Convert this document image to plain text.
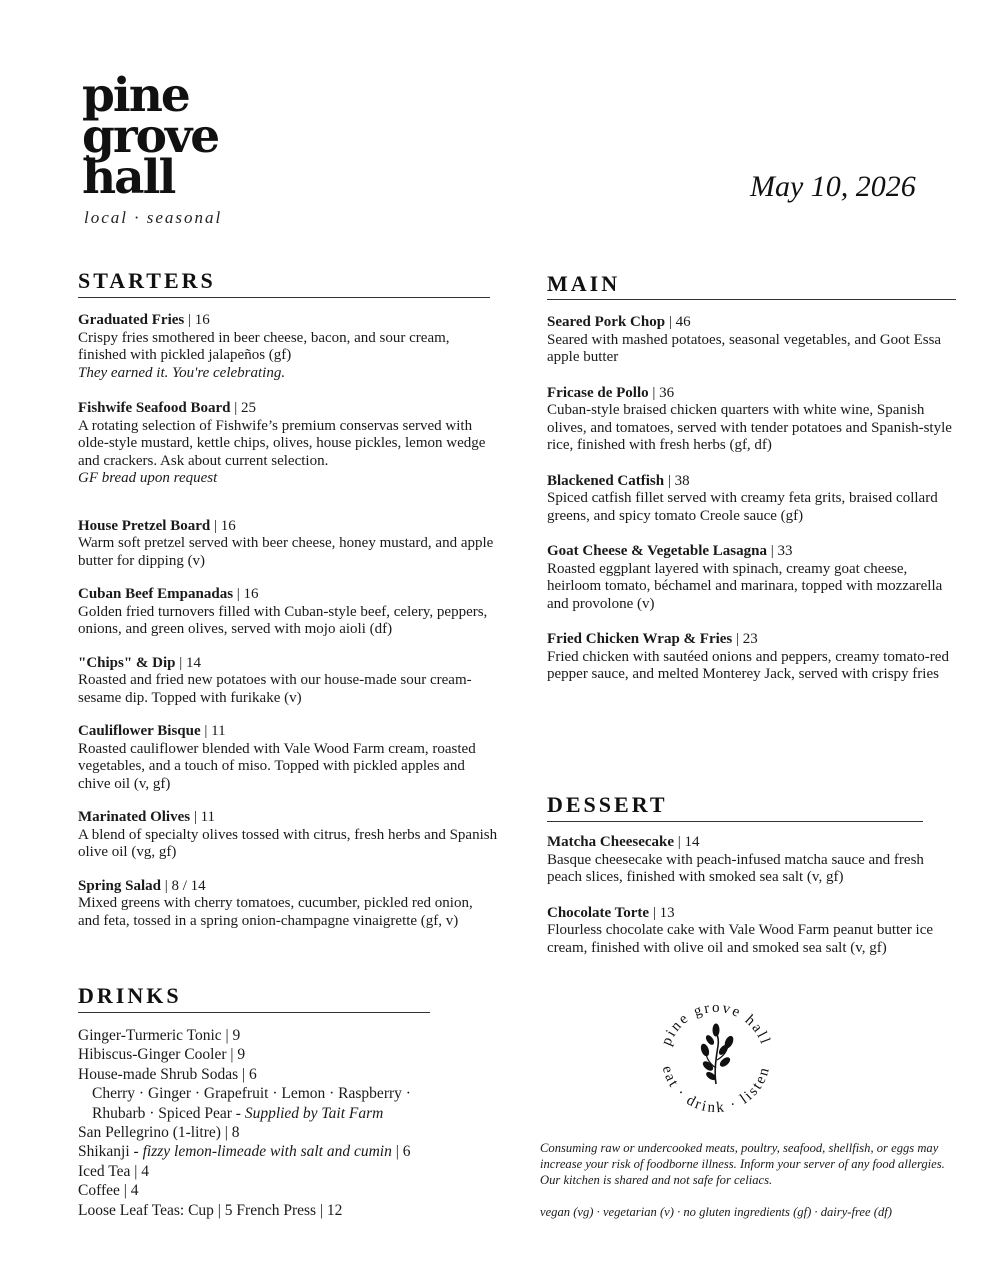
pine
grove
hall
local · seasonal
May 10, 2026
STARTERS
Graduated Fries | 16
Crispy fries smothered in beer cheese, bacon, and sour cream, finished with pickled jalapeños (gf)
They earned it. You're celebrating.
Fishwife Seafood Board | 25
A rotating selection of Fishwife’s premium conservas served with olde-style mustard, kettle chips, olives, house pickles, lemon wedge and crackers. Ask about current selection.
GF bread upon request
House Pretzel Board | 16
Warm soft pretzel served with beer cheese, honey mustard, and apple butter for dipping (v)
Cuban Beef Empanadas | 16
Golden fried turnovers filled with Cuban-style beef, celery, peppers, onions, and green olives, served with mojo aioli (df)
"Chips" & Dip | 14
Roasted and fried new potatoes with our house-made sour cream-sesame dip. Topped with furikake (v)
Cauliflower Bisque | 11
Roasted cauliflower blended with Vale Wood Farm cream, roasted vegetables, and a touch of miso. Topped with pickled apples and chive oil (v, gf)
Marinated Olives | 11
A blend of specialty olives tossed with citrus, fresh herbs and Spanish olive oil (vg, gf)
Spring Salad | 8 / 14
Mixed greens with cherry tomatoes, cucumber, pickled red onion, and feta, tossed in a spring onion-champagne vinaigrette (gf, v)
MAIN
Seared Pork Chop | 46
Seared with mashed potatoes, seasonal vegetables, and Goot Essa apple butter
Fricase de Pollo | 36
Cuban-style braised chicken quarters with white wine, Spanish olives, and tomatoes, served with tender potatoes and Spanish-style rice, finished with fresh herbs (gf, df)
Blackened Catfish | 38
Spiced catfish fillet served with creamy feta grits, braised collard greens, and spicy tomato Creole sauce (gf)
Goat Cheese & Vegetable Lasagna | 33
Roasted eggplant layered with spinach, creamy goat cheese, heirloom tomato, béchamel and marinara, topped with mozzarella and provolone (v)
Fried Chicken Wrap & Fries | 23
Fried chicken with sautéed onions and peppers, creamy tomato-red pepper sauce, and melted Monterey Jack, served with crispy fries
DESSERT
Matcha Cheesecake | 14
Basque cheesecake with peach-infused matcha sauce and fresh peach slices, finished with smoked sea salt (v, gf)
Chocolate Torte | 13
Flourless chocolate cake with Vale Wood Farm peanut butter ice cream, finished with olive oil and smoked sea salt (v, gf)
DRINKS
Ginger-Turmeric Tonic | 9
Hibiscus-Ginger Cooler | 9
House-made Shrub Sodas | 6
Cherry · Ginger · Grapefruit · Lemon · Raspberry ·
Rhubarb · Spiced Pear - Supplied by Tait Farm
San Pellegrino (1-litre) | 8
Shikanji - fizzy lemon-limeade with salt and cumin | 6
Iced Tea | 4
Coffee | 4
Loose Leaf Teas: Cup | 5 French Press | 12
pine grove hall
eat · drink · listen
Consuming raw or undercooked meats, poultry, seafood, shellfish, or eggs may increase your risk of foodborne illness. Inform your server of any food allergies. Our kitchen is shared and not safe for celiacs.
vegan (vg) · vegetarian (v) · no gluten ingredients (gf) · dairy-free (df)
